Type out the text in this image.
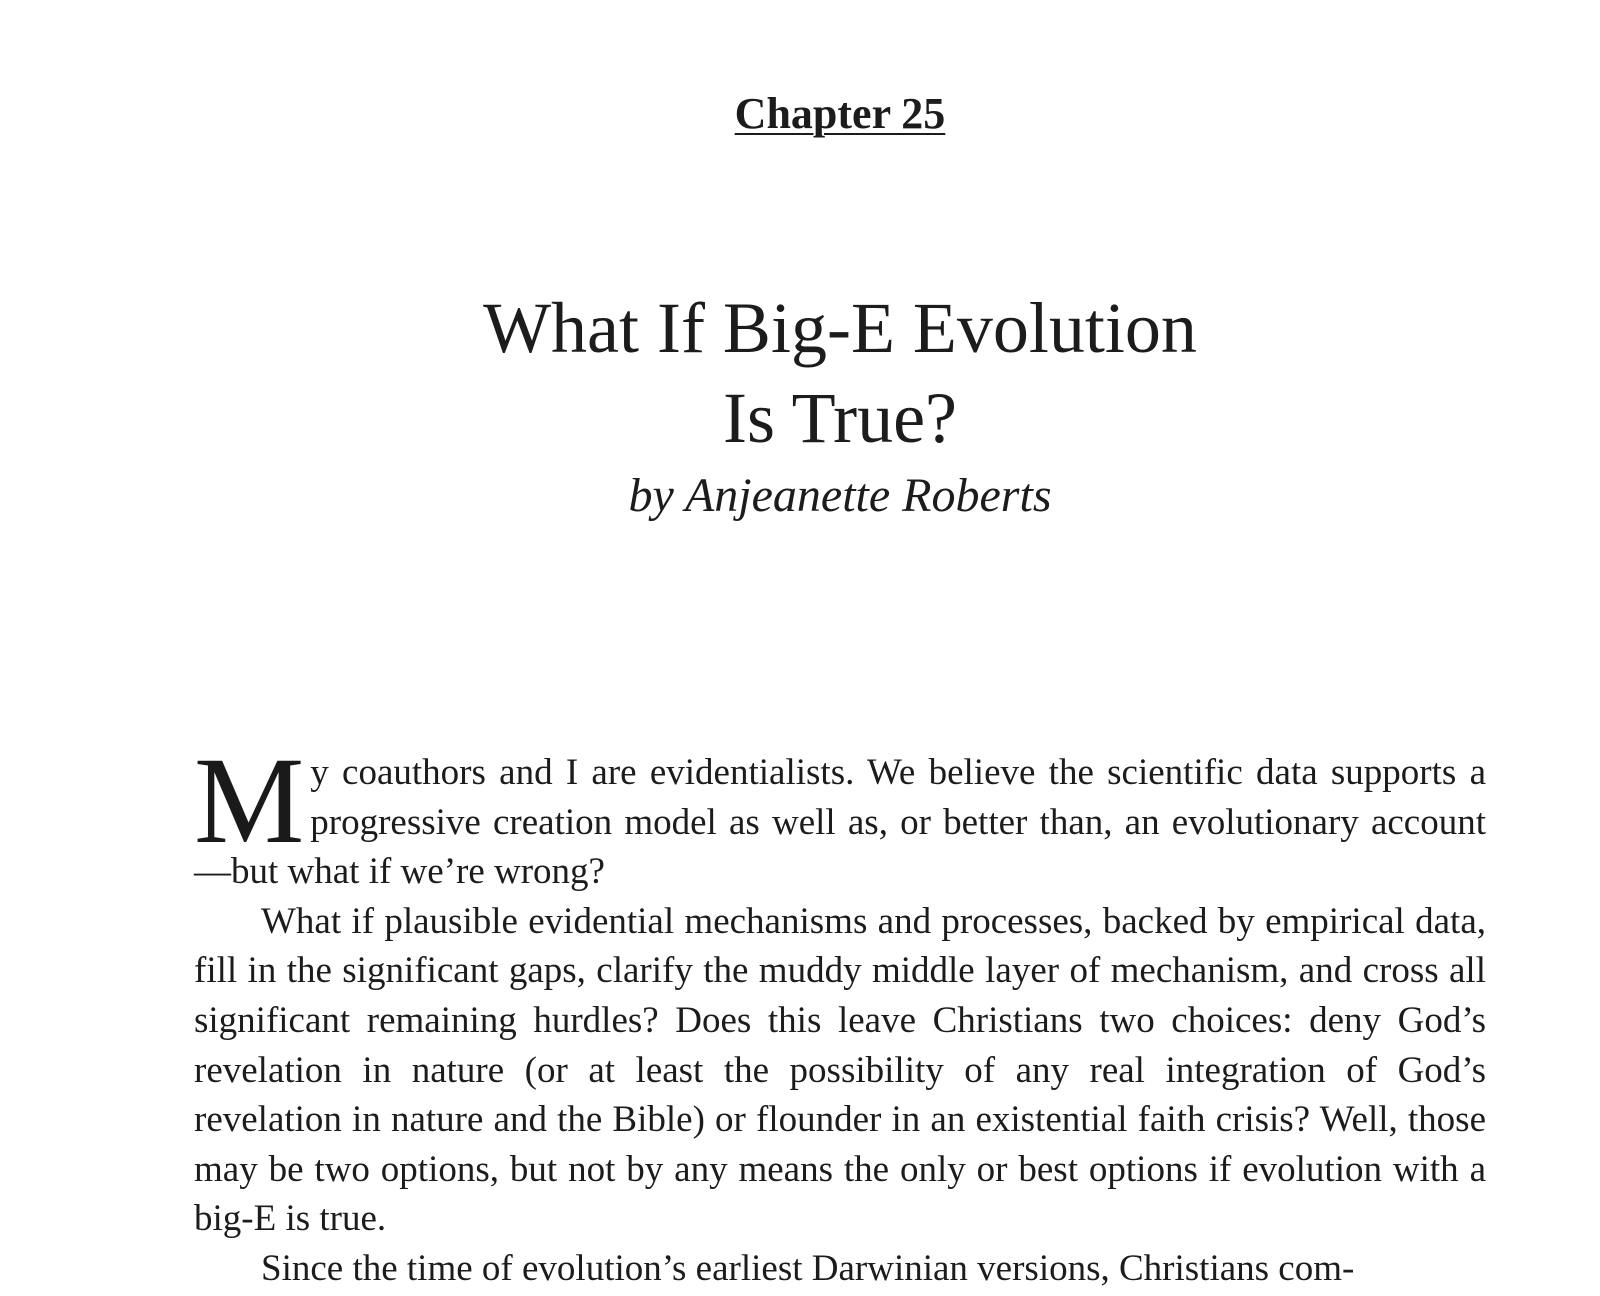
Chapter 25
What If Big-E Evolution
Is True?
by Anjeanette Roberts

My coauthors and I are evidentialists. We believe the scientific data supports a progressive creation model as well as, or better than, an evolutionary account—but what if we’re wrong?

What if plausible evidential mechanisms and processes, backed by empirical data, fill in the significant gaps, clarify the muddy middle layer of mechanism, and cross all significant remaining hurdles? Does this leave Christians two choices: deny God’s revelation in nature (or at least the possibility of any real integration of God’s revelation in nature and the Bible) or flounder in an existential faith crisis? Well, those may be two options, but not by any means the only or best options if evolution with a big-E is true.

Since the time of evolution’s earliest Darwinian versions, Christians com-
